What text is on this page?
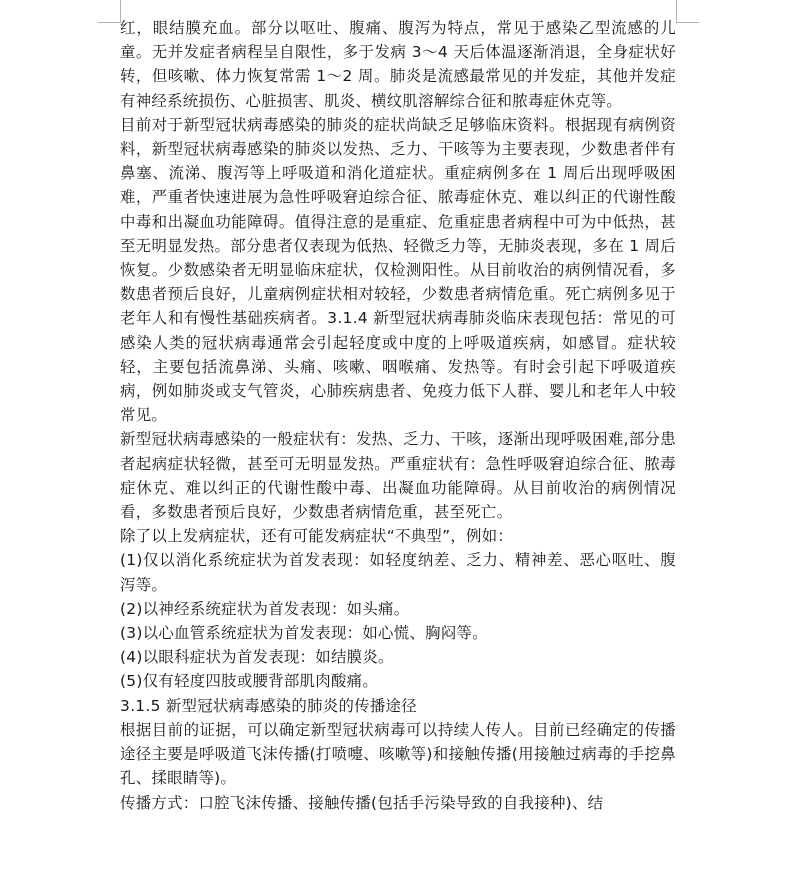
红，眼结膜充血。部分以呕吐、腹痛、腹泻为特点，常见于感染乙型流感的儿童。无并发症者病程呈自限性，多于发病 3～4 天后体温逐渐消退，全身症状好转，但咳嗽、体力恢复常需 1～2 周。肺炎是流感最常见的并发症，其他并发症有神经系统损伤、心脏损害、肌炎、横纹肌溶解综合征和脓毒症休克等。

目前对于新型冠状病毒感染的肺炎的症状尚缺乏足够临床资料。根据现有病例资料，新型冠状病毒感染的肺炎以发热、乏力、干咳等为主要表现，少数患者伴有鼻塞、流涕、腹泻等上呼吸道和消化道症状。重症病例多在 1 周后出现呼吸困难，严重者快速进展为急性呼吸窘迫综合征、脓毒症休克、难以纠正的代谢性酸中毒和出凝血功能障碍。值得注意的是重症、危重症患者病程中可为中低热，甚至无明显发热。部分患者仅表现为低热、轻微乏力等，无肺炎表现，多在 1 周后恢复。少数感染者无明显临床症状，仅检测阳性。从目前收治的病例情况看，多数患者预后良好，儿童病例症状相对较轻，少数患者病情危重。死亡病例多见于老年人和有慢性基础疾病者。3.1.4 新型冠状病毒肺炎临床表现包括：常见的可感染人类的冠状病毒通常会引起轻度或中度的上呼吸道疾病，如感冒。症状较轻，主要包括流鼻涕、头痛、咳嗽、咽喉痛、发热等。有时会引起下呼吸道疾病，例如肺炎或支气管炎，心肺疾病患者、免疫力低下人群、婴儿和老年人中较常见。

新型冠状病毒感染的一般症状有：发热、乏力、干咳，逐渐出现呼吸困难,部分患者起病症状轻微，甚至可无明显发热。严重症状有：急性呼吸窘迫综合征、脓毒症休克、难以纠正的代谢性酸中毒、出凝血功能障碍。从目前收治的病例情况看，多数患者预后良好，少数患者病情危重，甚至死亡。

除了以上发病症状，还有可能发病症状“不典型”，例如：

(1)仅以消化系统症状为首发表现：如轻度纳差、乏力、精神差、恶心呕吐、腹泻等。

(2)以神经系统症状为首发表现：如头痛。

(3)以心血管系统症状为首发表现：如心慌、胸闷等。

(4)以眼科症状为首发表现：如结膜炎。

(5)仅有轻度四肢或腰背部肌肉酸痛。

3.1.5 新型冠状病毒感染的肺炎的传播途径

根据目前的证据，可以确定新型冠状病毒可以持续人传人。目前已经确定的传播途径主要是呼吸道飞沫传播(打喷嚏、咳嗽等)和接触传播(用接触过病毒的手挖鼻孔、揉眼睛等)。

传播方式：口腔飞沫传播、接触传播(包括手污染导致的自我接种)、结
